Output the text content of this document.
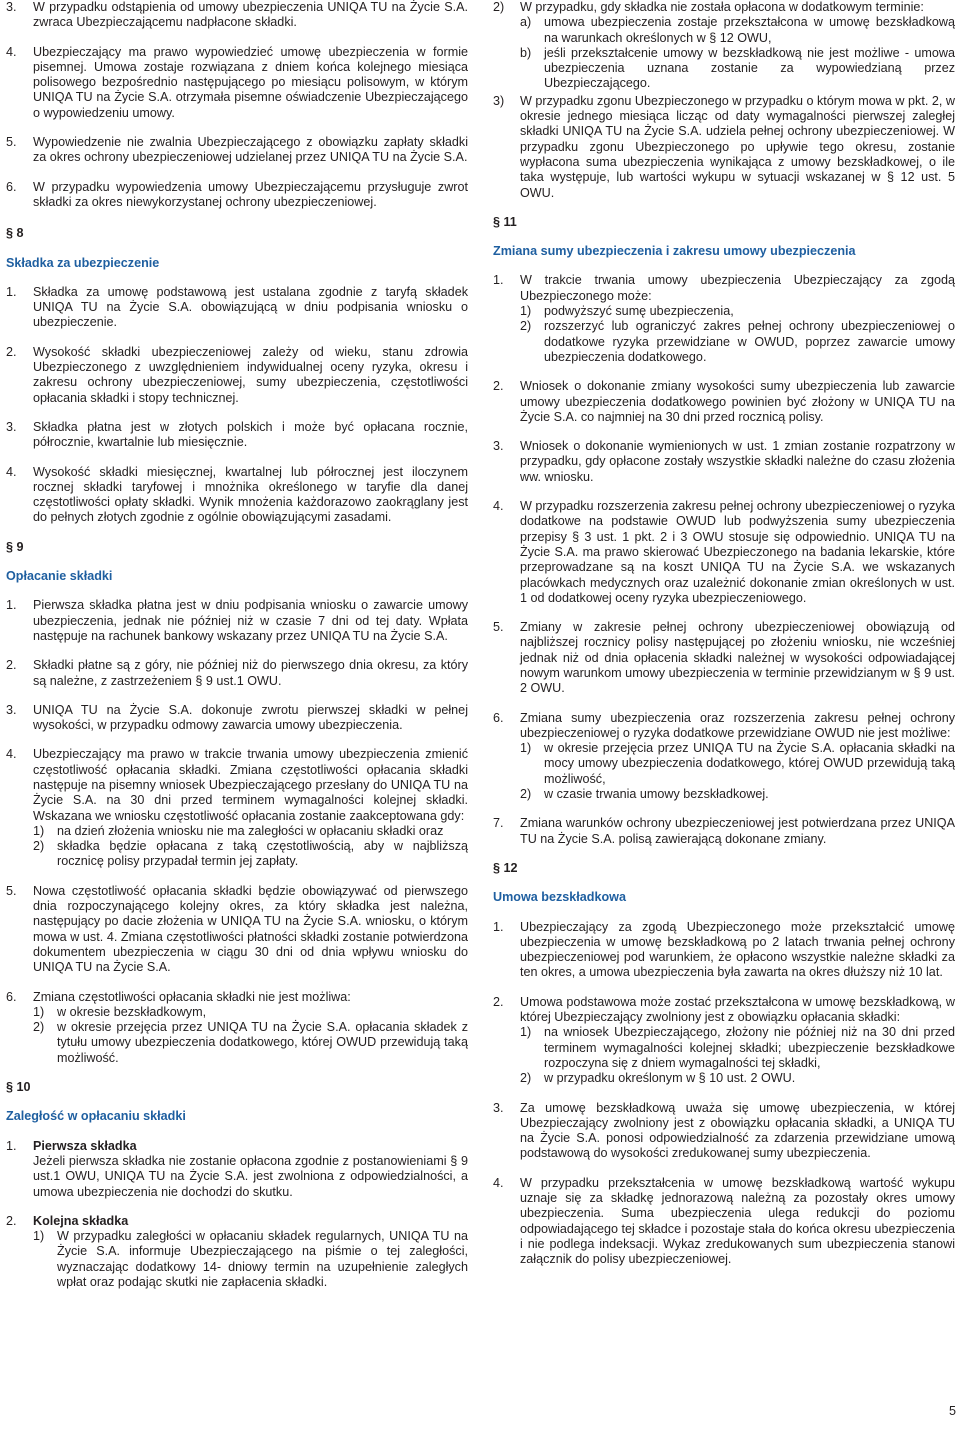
3.	W przypadku odstąpienia od umowy ubezpieczenia UNIQA TU na Życie S.A. zwraca Ubezpieczającemu nadpłacone składki.
4.	Ubezpieczający ma prawo wypowiedzieć umowę ubezpieczenia w formie pisemnej. Umowa zostaje rozwiązana z dniem końca kolejnego miesiąca polisowego bezpośrednio następującego po miesiącu polisowym, w którym UNIQA TU na Życie S.A. otrzymała pisemne oświadczenie Ubezpieczającego o wypowiedzeniu umowy.
5.	Wypowiedzenie nie zwalnia Ubezpieczającego z obowiązku zapłaty składki za okres ochrony ubezpieczeniowej udzielanej przez UNIQA TU na Życie S.A.
6.	W przypadku wypowiedzenia umowy Ubezpieczającemu przysługuje zwrot składki za okres niewykorzystanej ochrony ubezpieczeniowej.
§ 8
Składka za ubezpieczenie
1.	Składka za umowę podstawową jest ustalana zgodnie z taryfą składek UNIQA TU na Życie S.A. obowiązującą w dniu podpisania wniosku o ubezpieczenie.
2.	Wysokość składki ubezpieczeniowej zależy od wieku, stanu zdrowia Ubezpieczonego z uwzględnieniem indywidualnej oceny ryzyka, okresu i zakresu ochrony ubezpieczeniowej, sumy ubezpieczenia, częstotliwości opłacania składki i stopy technicznej.
3.	Składka płatna jest w złotych polskich i może być opłacana rocznie, półrocznie, kwartalnie lub miesięcznie.
4.	Wysokość składki miesięcznej, kwartalnej lub półrocznej jest iloczynem rocznej składki taryfowej i mnożnika określonego w taryfie dla danej częstotliwości opłaty składki. Wynik mnożenia każdorazowo zaokrąglany jest do pełnych złotych zgodnie z ogólnie obowiązującymi zasadami.
§ 9
Opłacanie składki
1.	Pierwsza składka płatna jest w dniu podpisania wniosku o zawarcie umowy ubezpieczenia, jednak nie później niż w czasie 7 dni od tej daty. Wpłata następuje na rachunek bankowy wskazany przez UNIQA TU na Życie S.A.
2.	Składki płatne są z góry, nie później niż do pierwszego dnia okresu, za który są należne, z zastrzeżeniem § 9 ust.1 OWU.
3.	UNIQA TU na Życie S.A. dokonuje zwrotu pierwszej składki w pełnej wysokości, w przypadku odmowy zawarcia umowy ubezpieczenia.
4.	Ubezpieczający ma prawo w trakcie trwania umowy ubezpieczenia zmienić częstotliwość opłacania składki. Zmiana częstotliwości opłacania składki następuje na pisemny wniosek Ubezpieczającego przesłany do UNIQA TU na Życie S.A. na 30 dni przed terminem wymagalności kolejnej składki. Wskazana we wniosku częstotliwość opłacania zostanie zaakceptowana gdy:
1)	na dzień złożenia wniosku nie ma zaległości w opłacaniu składki oraz
2)	składka będzie opłacana z taką częstotliwością, aby w najbliższą rocznicę polisy przypadał termin jej zapłaty.
5.	Nowa częstotliwość opłacania składki będzie obowiązywać od pierwszego dnia rozpoczynającego kolejny okres, za który składka jest należna, następujący po dacie złożenia w UNIQA TU na Życie S.A. wniosku, o którym mowa w ust. 4. Zmiana częstotliwości płatności składki zostanie potwierdzona dokumentem ubezpieczenia w ciągu 30 dni od dnia wpływu wniosku do UNIQA TU na Życie S.A.
6.	Zmiana częstotliwości opłacania składki nie jest możliwa:
1)	w okresie bezskładkowym,
2)	w okresie przejęcia przez UNIQA TU na Życie S.A. opłacania składek z tytułu umowy ubezpieczenia dodatkowego, której OWUD przewidują taką możliwość.
§ 10
Zaległość w opłacaniu składki
1.	Pierwsza składka
Jeżeli pierwsza składka nie zostanie opłacona zgodnie z postanowieniami § 9 ust.1 OWU, UNIQA TU na Życie S.A. jest zwolniona z odpowiedzialności, a umowa ubezpieczenia nie dochodzi do skutku.
2.	Kolejna składka
1)	W przypadku zaległości w opłacaniu składek regularnych, UNIQA TU na Życie S.A. informuje Ubezpieczającego na piśmie o tej zaległości, wyznaczając dodatkowy 14- dniowy termin na uzupełnienie zaległych wpłat oraz podając skutki nie zapłacenia składki.
2)	W przypadku, gdy składka nie została opłacona w dodatkowym terminie:
a)	umowa ubezpieczenia zostaje przekształcona w umowę bezskładkową na warunkach określonych w § 12 OWU,
b)	jeśli przekształcenie umowy w bezskładkową nie jest możliwe - umowa ubezpieczenia uznana zostanie za wypowiedzianą przez Ubezpieczającego.
3)	W przypadku zgonu Ubezpieczonego w przypadku o którym mowa w pkt. 2, w okresie jednego miesiąca licząc od daty wymagalności pierwszej zaległej składki UNIQA TU na Życie S.A. udziela pełnej ochrony ubezpieczeniowej. W przypadku zgonu Ubezpieczonego po upływie tego okresu, zostanie wypłacona suma ubezpieczenia wynikająca z umowy bezskładkowej, o ile taka występuje, lub wartości wykupu w sytuacji wskazanej w § 12 ust. 5 OWU.
§ 11
Zmiana sumy ubezpieczenia i zakresu umowy ubezpieczenia
1.	W trakcie trwania umowy ubezpieczenia Ubezpieczający za zgodą Ubezpieczonego może:
1)	podwyższyć sumę ubezpieczenia,
2)	rozszerzyć lub ograniczyć zakres pełnej ochrony ubezpieczeniowej o dodatkowe ryzyka przewidziane w OWUD, poprzez zawarcie umowy ubezpieczenia dodatkowego.
2.	Wniosek o dokonanie zmiany wysokości sumy ubezpieczenia lub zawarcie umowy ubezpieczenia dodatkowego powinien być złożony w UNIQA TU na Życie S.A. co najmniej na 30 dni przed rocznicą polisy.
3.	Wniosek o dokonanie wymienionych w ust. 1 zmian zostanie rozpatrzony w przypadku, gdy opłacone zostały wszystkie składki należne do czasu złożenia ww. wniosku.
4.	W przypadku rozszerzenia zakresu pełnej ochrony ubezpieczeniowej o ryzyka dodatkowe na podstawie OWUD lub podwyższenia sumy ubezpieczenia przepisy § 3 ust. 1 pkt. 2 i 3 OWU stosuje się odpowiednio. UNIQA TU na Życie S.A. ma prawo skierować Ubezpieczonego na badania lekarskie, które przeprowadzane są na koszt UNIQA TU na Życie S.A. we wskazanych placówkach medycznych oraz uzależnić dokonanie zmian określonych w ust. 1 od dodatkowej oceny ryzyka ubezpieczeniowego.
5.	Zmiany w zakresie pełnej ochrony ubezpieczeniowej obowiązują od najbliższej rocznicy polisy następującej po złożeniu wniosku, nie wcześniej jednak niż od dnia opłacenia składki należnej w wysokości odpowiadającej nowym warunkom umowy ubezpieczenia w terminie przewidzianym w § 9 ust. 2 OWU.
6.	Zmiana sumy ubezpieczenia oraz rozszerzenia zakresu pełnej ochrony ubezpieczeniowej o ryzyka dodatkowe przewidziane OWUD nie jest możliwe:
1)	w okresie przejęcia przez UNIQA TU na Życie S.A. opłacania składki na mocy umowy ubezpieczenia dodatkowego, której OWUD przewidują taką możliwość,
2)	w czasie trwania umowy bezskładkowej.
7.	Zmiana warunków ochrony ubezpieczeniowej jest potwierdzana przez UNIQA TU na Życie S.A. polisą zawierającą dokonane zmiany.
§ 12
Umowa bezskładkowa
1.	Ubezpieczający za zgodą Ubezpieczonego może przekształcić umowę ubezpieczenia w umowę bezskładkową po 2 latach trwania pełnej ochrony ubezpieczeniowej pod warunkiem, że opłacono wszystkie należne składki za ten okres, a umowa ubezpieczenia była zawarta na okres dłuższy niż 10 lat.
2.	Umowa podstawowa może zostać przekształcona w umowę bezskładkową, w której Ubezpieczający zwolniony jest z obowiązku opłacania składki:
1)	na wniosek Ubezpieczającego, złożony nie później niż na 30 dni przed terminem wymagalności kolejnej składki; ubezpieczenie bezskładkowe rozpoczyna się z dniem wymagalności tej składki,
2)	w przypadku określonym w § 10 ust. 2 OWU.
3.	Za umowę bezskładkową uważa się umowę ubezpieczenia, w której Ubezpieczający zwolniony jest z obowiązku opłacania składki, a UNIQA TU na Życie S.A. ponosi odpowiedzialność za zdarzenia przewidziane umową podstawową do wysokości zredukowanej sumy ubezpieczenia.
4.	W przypadku przekształcenia w umowę bezskładkową wartość wykupu uznaje się za składkę jednorazową należną za pozostały okres umowy ubezpieczenia. Suma ubezpieczenia ulega redukcji do poziomu odpowiadającego tej składce i pozostaje stała do końca okresu ubezpieczenia i nie podlega indeksacji. Wykaz zredukowanych sum ubezpieczenia stanowi załącznik do polisy ubezpieczeniowej.
5
